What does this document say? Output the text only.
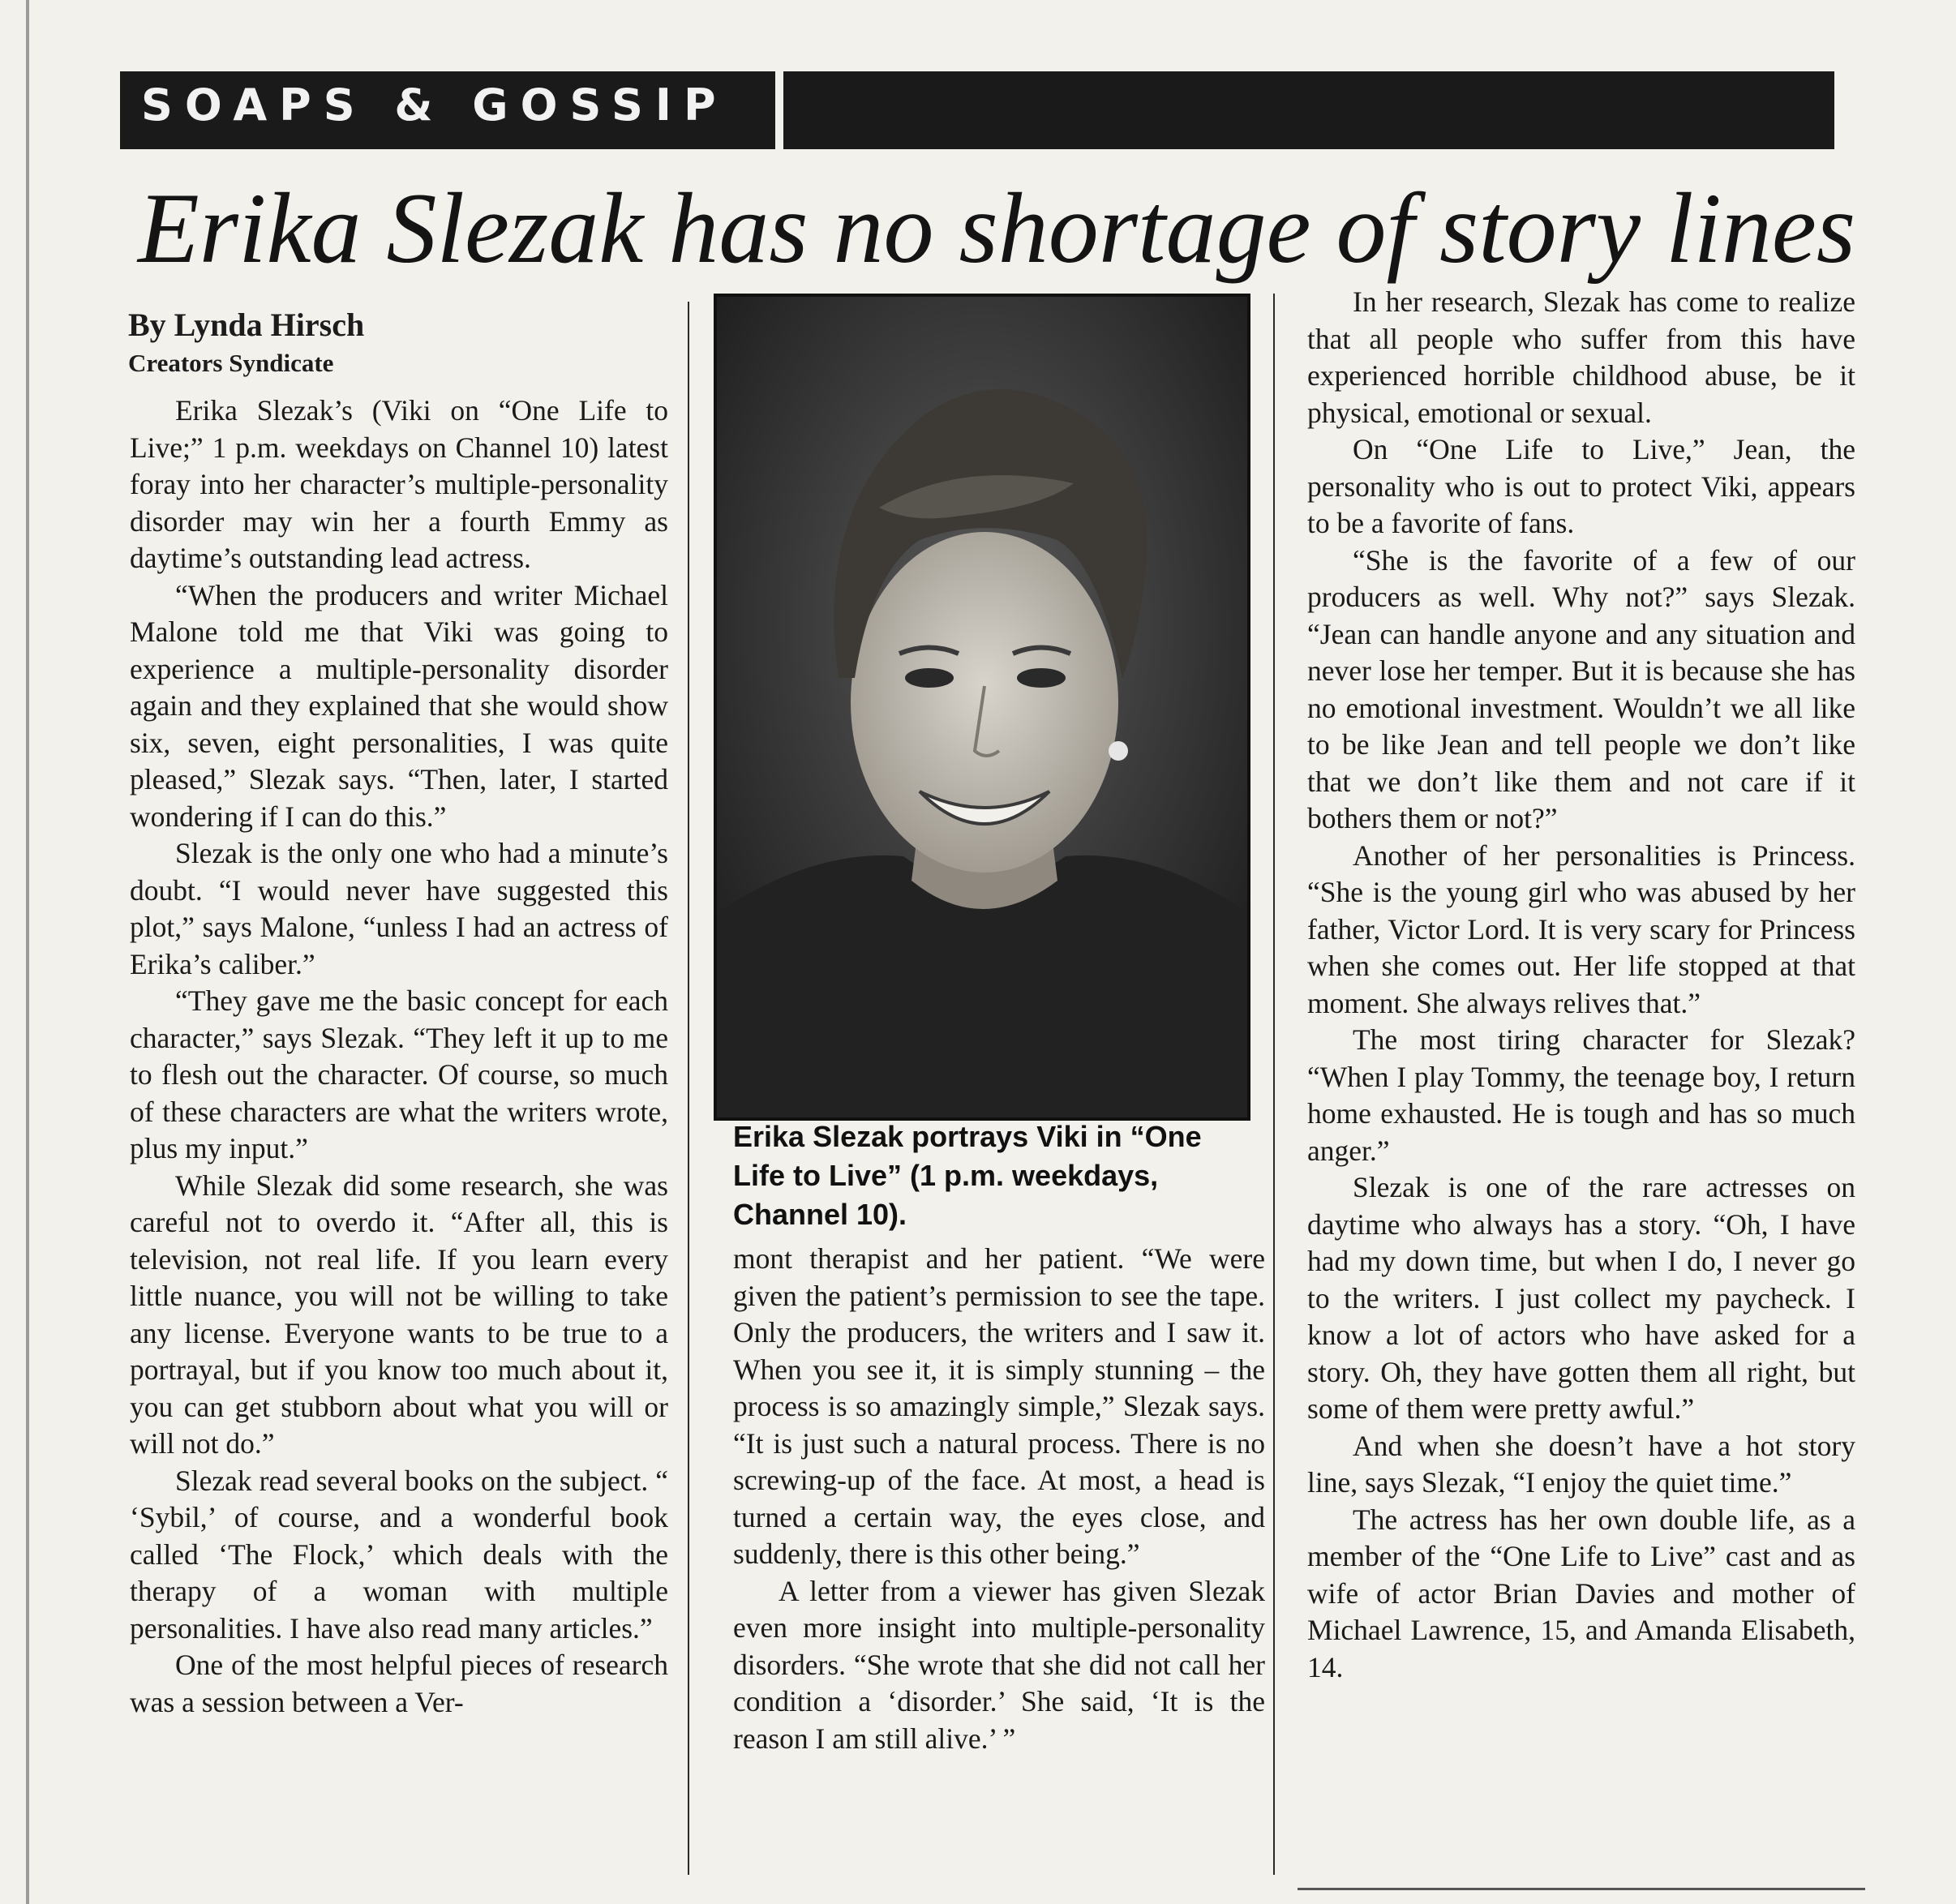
SOAPS & GOSSIP
Erika Slezak has no shortage of story lines
By Lynda Hirsch
Creators Syndicate

Erika Slezak’s (Viki on “One Life to Live;” 1 p.m. weekdays on Channel 10) latest foray into her character’s multiple-personality disorder may win her a fourth Emmy as daytime’s outstanding lead actress.

“When the producers and writer Michael Malone told me that Viki was going to experience a multiple-personality disorder again and they explained that she would show six, seven, eight personalities, I was quite pleased,” Slezak says. “Then, later, I started wondering if I can do this.”

Slezak is the only one who had a minute’s doubt. “I would never have suggested this plot,” says Malone, “unless I had an actress of Erika’s caliber.”

“They gave me the basic concept for each character,” says Slezak. “They left it up to me to flesh out the character. Of course, so much of these characters are what the writers wrote, plus my input.”

While Slezak did some research, she was careful not to overdo it. “After all, this is television, not real life. If you learn every little nuance, you will not be willing to take any license. Everyone wants to be true to a portrayal, but if you know too much about it, you can get stubborn about what you will or will not do.”

Slezak read several books on the subject. “ ‘Sybil,’ of course, and a wonderful book called ‘The Flock,’ which deals with the therapy of a woman with multiple personalities. I have also read many articles.”

One of the most helpful pieces of research was a session between a Ver-

Erika Slezak portrays Viki in “One Life to Live” (1 p.m. weekdays, Channel 10).

mont therapist and her patient. “We were given the patient’s permission to see the tape. Only the producers, the writers and I saw it. When you see it, it is simply stunning – the process is so amazingly simple,” Slezak says. “It is just such a natural process. There is no screwing-up of the face. At most, a head is turned a certain way, the eyes close, and suddenly, there is this other being.”

A letter from a viewer has given Slezak even more insight into multiple-personality disorders. “She wrote that she did not call her condition a ‘disorder.’ She said, ‘It is the reason I am still alive.’ ”

In her research, Slezak has come to realize that all people who suffer from this have experienced horrible childhood abuse, be it physical, emotional or sexual.

On “One Life to Live,” Jean, the personality who is out to protect Viki, appears to be a favorite of fans.

“She is the favorite of a few of our producers as well. Why not?” says Slezak. “Jean can handle anyone and any situation and never lose her temper. But it is because she has no emotional investment. Wouldn’t we all like to be like Jean and tell people we don’t like that we don’t like them and not care if it bothers them or not?”

Another of her personalities is Princess. “She is the young girl who was abused by her father, Victor Lord. It is very scary for Princess when she comes out. Her life stopped at that moment. She always relives that.”

The most tiring character for Slezak? “When I play Tommy, the teenage boy, I return home exhausted. He is tough and has so much anger.”

Slezak is one of the rare actresses on daytime who always has a story. “Oh, I have had my down time, but when I do, I never go to the writers. I just collect my paycheck. I know a lot of actors who have asked for a story. Oh, they have gotten them all right, but some of them were pretty awful.”

And when she doesn’t have a hot story line, says Slezak, “I enjoy the quiet time.”

The actress has her own double life, as a member of the “One Life to Live” cast and as wife of actor Brian Davies and mother of Michael Lawrence, 15, and Amanda Elisabeth, 14.
